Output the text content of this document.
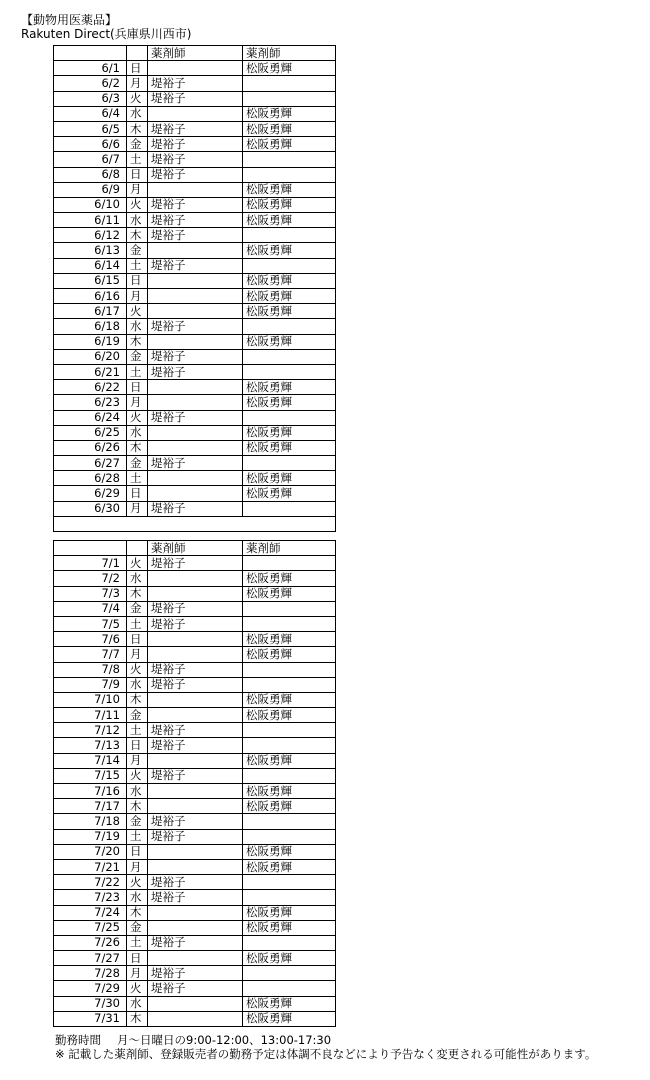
【動物用医薬品】
Rakuten Direct(兵庫県川西市)
		薬剤師	薬剤師
6/1	日		松阪勇輝
6/2	月	堤裕子	
6/3	火	堤裕子	
6/4	水		松阪勇輝
6/5	木	堤裕子	松阪勇輝
6/6	金	堤裕子	松阪勇輝
6/7	土	堤裕子	
6/8	日	堤裕子	
6/9	月		松阪勇輝
6/10	火	堤裕子	松阪勇輝
6/11	水	堤裕子	松阪勇輝
6/12	木	堤裕子	
6/13	金		松阪勇輝
6/14	土	堤裕子	
6/15	日		松阪勇輝
6/16	月		松阪勇輝
6/17	火		松阪勇輝
6/18	水	堤裕子	
6/19	木		松阪勇輝
6/20	金	堤裕子	
6/21	土	堤裕子	
6/22	日		松阪勇輝
6/23	月		松阪勇輝
6/24	火	堤裕子	
6/25	水		松阪勇輝
6/26	木		松阪勇輝
6/27	金	堤裕子	
6/28	土		松阪勇輝
6/29	日		松阪勇輝
6/30	月	堤裕子	

		薬剤師	薬剤師
7/1	火	堤裕子	
7/2	水		松阪勇輝
7/3	木		松阪勇輝
7/4	金	堤裕子	
7/5	土	堤裕子	
7/6	日		松阪勇輝
7/7	月		松阪勇輝
7/8	火	堤裕子	
7/9	水	堤裕子	
7/10	木		松阪勇輝
7/11	金		松阪勇輝
7/12	土	堤裕子	
7/13	日	堤裕子	
7/14	月		松阪勇輝
7/15	火	堤裕子	
7/16	水		松阪勇輝
7/17	木		松阪勇輝
7/18	金	堤裕子	
7/19	土	堤裕子	
7/20	日		松阪勇輝
7/21	月		松阪勇輝
7/22	火	堤裕子	
7/23	水	堤裕子	
7/24	木		松阪勇輝
7/25	金		松阪勇輝
7/26	土	堤裕子	
7/27	日		松阪勇輝
7/28	月	堤裕子	
7/29	火	堤裕子	
7/30	水		松阪勇輝
7/31	木		松阪勇輝
勤務時間 月～日曜日の9:00-12:00、13:00-17:30
※ 記載した薬剤師、登録販売者の勤務予定は体調不良などにより予告なく変更される可能性があります。
